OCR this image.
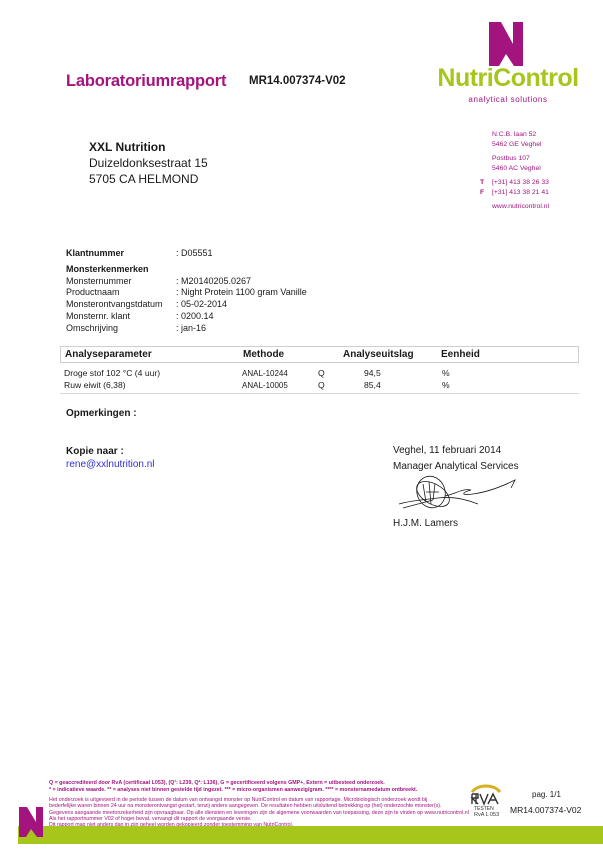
Laboratoriumrapport MR14.007374-V02	NutriControl
analytical solutions
XXL Nutrition
Duizeldonksestraat 15
5705 CA HELMOND
N.C.B. laan 52
5462 GE Veghel
Postbus 107
5460 AC Veghel
T [+31] 413 38 26 33
F [+31] 413 38 21 41
www.nutricontrol.nl
Klantnummer	: D05551
Monsterkenmerken
Monsternummer	: M20140205.0267
Productnaam	: Night Protein 1100 gram Vanille
Monsterontvangstdatum	: 05-02-2014
Monsternr. klant	: 0200.14
Omschrijving	: jan-16
Analyseparameter	Methode	Analyseuitslag	Eenheid
Droge stof 102 °C (4 uur)	ANAL-10244	Q	94,5	%
Ruw eiwit (6,38)	ANAL-10005	Q	85,4	%
Opmerkingen :
Kopie naar :
rene@xxlnutrition.nl
Veghel, 11 februari 2014
Manager Analytical Services
H.J.M. Lamers
Q = geaccrediteerd door RvA (certificaat L053), (Q¹: L239, Q²: L136), G = gecertificeerd volgens GMP+, Extern = uitbesteed onderzoek.
* = indicatieve waarde. ** = analyses niet binnen gestelde tijd ingezet. *** = micro-organismen aanwezig/gram. **** = monsternamedatum ontbreekt.
Het onderzoek is uitgevoerd in de periode tussen de datum van ontvangst monster op NutriControl en datum van rapportage. Microbiologisch onderzoek wordt bij
bederfelijke waren binnen 24 uur na monsterontvangst gestart, tenzij anders aangegeven. De resultaten hebben uitsluitend betrekking op (het) onderzochte monster(s).
Gegevens aangaande meetonzekerheid zijn opvraagbaar. Op alle diensten en leveringen zijn de algemene voorwaarden van toepassing, deze zijn te vinden op www.nutricontrol.nl
Als het rapportnummer V02 of hoger bevat, vervangt dit rapport de voorgaande versie.
TESTEN
RvA L 053
pag. 1/1
MR14.007374-V02
